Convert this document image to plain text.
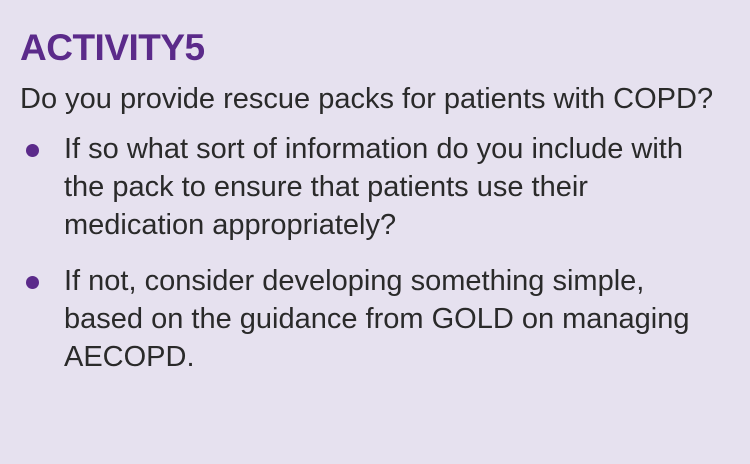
ACTIVITY5
Do you provide rescue packs for patients with COPD?
If so what sort of information do you include with the pack to ensure that patients use their medication appropriately?
If not, consider developing something simple, based on the guidance from GOLD on managing AECOPD.
